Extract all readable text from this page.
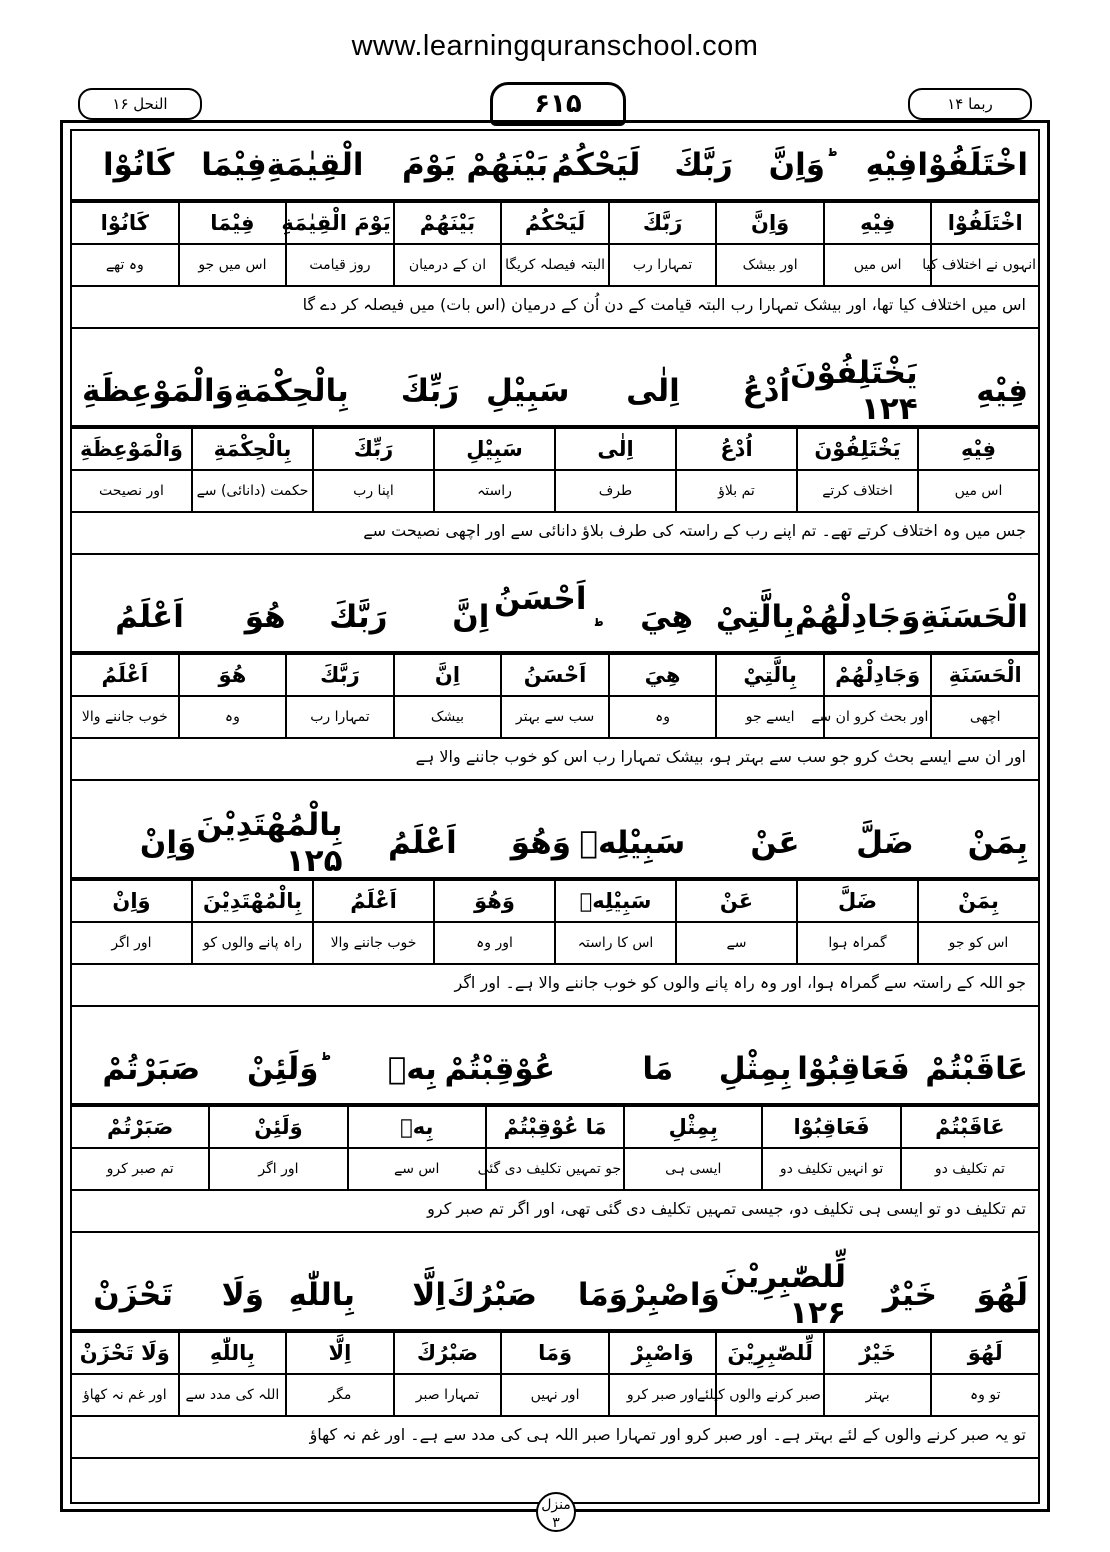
www.learningquranschool.com
النحل ۱۶	۶۱۵	ربما ۱۴
اخْتَلَفُوْا
فِيْهِ ؕ
وَاِنَّ
رَبَّكَ
لَيَحْكُمُ
بَيْنَهُمْ
يَوْمَ
الْقِيٰمَةِ
فِيْمَا
كَانُوْا
اخْتَلَفُوْا	فِيْهِ	وَاِنَّ	رَبَّكَ	لَيَحْكُمُ	بَيْنَهُمْ	يَوْمَ الْقِيٰمَةِ	فِيْمَا	كَانُوْا
انہوں نے اختلاف کیا	اس میں	اور بیشک	تمہارا رب	البتہ فیصلہ کریگا	ان کے درمیان	روز قیامت	اس میں جو	وہ تھے
اس میں اختلاف کیا تھا، اور بیشک تمہارا رب البتہ قیامت کے دن اُن کے درمیان (اس بات) میں فیصلہ کر دے گا
فِيْهِ
يَخْتَلِفُوْنَ ۱۲۴
اُدْعُ
اِلٰى
سَبِيْلِ
رَبِّكَ
بِالْحِكْمَةِ
وَالْمَوْعِظَةِ
فِيْهِ	يَخْتَلِفُوْنَ	اُدْعُ	اِلٰى	سَبِيْلِ	رَبِّكَ	بِالْحِكْمَةِ	وَالْمَوْعِظَةِ
اس میں	اختلاف کرتے	تم بلاؤ	طرف	راستہ	اپنا رب	حکمت (دانائی) سے	اور نصیحت
جس میں وہ اختلاف کرتے تھے۔ تم اپنے رب کے راستہ کی طرف بلاؤ دانائی سے اور اچھی نصیحت سے
الْحَسَنَةِ
وَجَادِلْهُمْ
بِالَّتِيْ
هِيَ
اَحْسَنُ
اِنَّ
رَبَّكَ
هُوَ
اَعْلَمُ
الْحَسَنَةِ	وَجَادِلْهُمْ	بِالَّتِيْ	هِيَ	اَحْسَنُ	اِنَّ	رَبَّكَ	هُوَ	اَعْلَمُ
اچھی	اور بحث کرو ان سے	ایسے جو	وہ	سب سے بہتر	بیشک	تمہارا رب	وہ	خوب جاننے والا
اور ان سے ایسے بحث کرو جو سب سے بہتر ہو، بیشک تمہارا رب اس کو خوب جاننے والا ہے
بِمَنْ
ضَلَّ
عَنْ
سَبِيْلِهٖ
وَهُوَ
اَعْلَمُ
بِالْمُهْتَدِيْنَ ۱۲۵
وَاِنْ
بِمَنْ	ضَلَّ	عَنْ	سَبِيْلِهٖ	وَهُوَ	اَعْلَمُ	بِالْمُهْتَدِيْنَ	وَاِنْ
اس کو جو	گمراہ ہوا	سے	اس کا راستہ	اور وہ	خوب جاننے والا	راہ پانے والوں کو	اور اگر
جو اللہ کے راستہ سے گمراہ ہوا، اور وہ راہ پانے والوں کو خوب جاننے والا ہے۔ اور اگر
عَاقَبْتُمْ
فَعَاقِبُوْا
بِمِثْلِ
مَا
عُوْقِبْتُمْ
بِهٖ ؕ
وَلَئِنْ
صَبَرْتُمْ
عَاقَبْتُمْ	فَعَاقِبُوْا	بِمِثْلِ	مَا عُوْقِبْتُمْ	بِهٖ	وَلَئِنْ	صَبَرْتُمْ
تم تکلیف دو	تو انہیں تکلیف دو	ایسی ہی	جو تمہیں تکلیف دی گئی	اس سے	اور اگر	تم صبر کرو
تم تکلیف دو تو ایسی ہی تکلیف دو، جیسی تمہیں تکلیف دی گئی تھی، اور اگر تم صبر کرو
لَهُوَ
خَيْرٌ
لِّلصّٰبِرِيْنَ ۱۲۶
وَاصْبِرْ
وَمَا
صَبْرُكَ
اِلَّا
بِاللّٰهِ
وَلَا
تَحْزَنْ
لَهُوَ	خَيْرٌ	لِّلصّٰبِرِيْنَ	وَاصْبِرْ	وَمَا	صَبْرُكَ	اِلَّا	بِاللّٰهِ	وَلَا تَحْزَنْ
تو وہ	بہتر	صبر کرنے والوں کیلئے	اور صبر کرو	اور نہیں	تمہارا صبر	مگر	اللہ کی مدد سے	اور غم نہ کھاؤ
تو یہ صبر کرنے والوں کے لئے بہتر ہے۔ اور صبر کرو اور تمہارا صبر اللہ ہی کی مدد سے ہے۔ اور غم نہ کھاؤ
منزل
۳
